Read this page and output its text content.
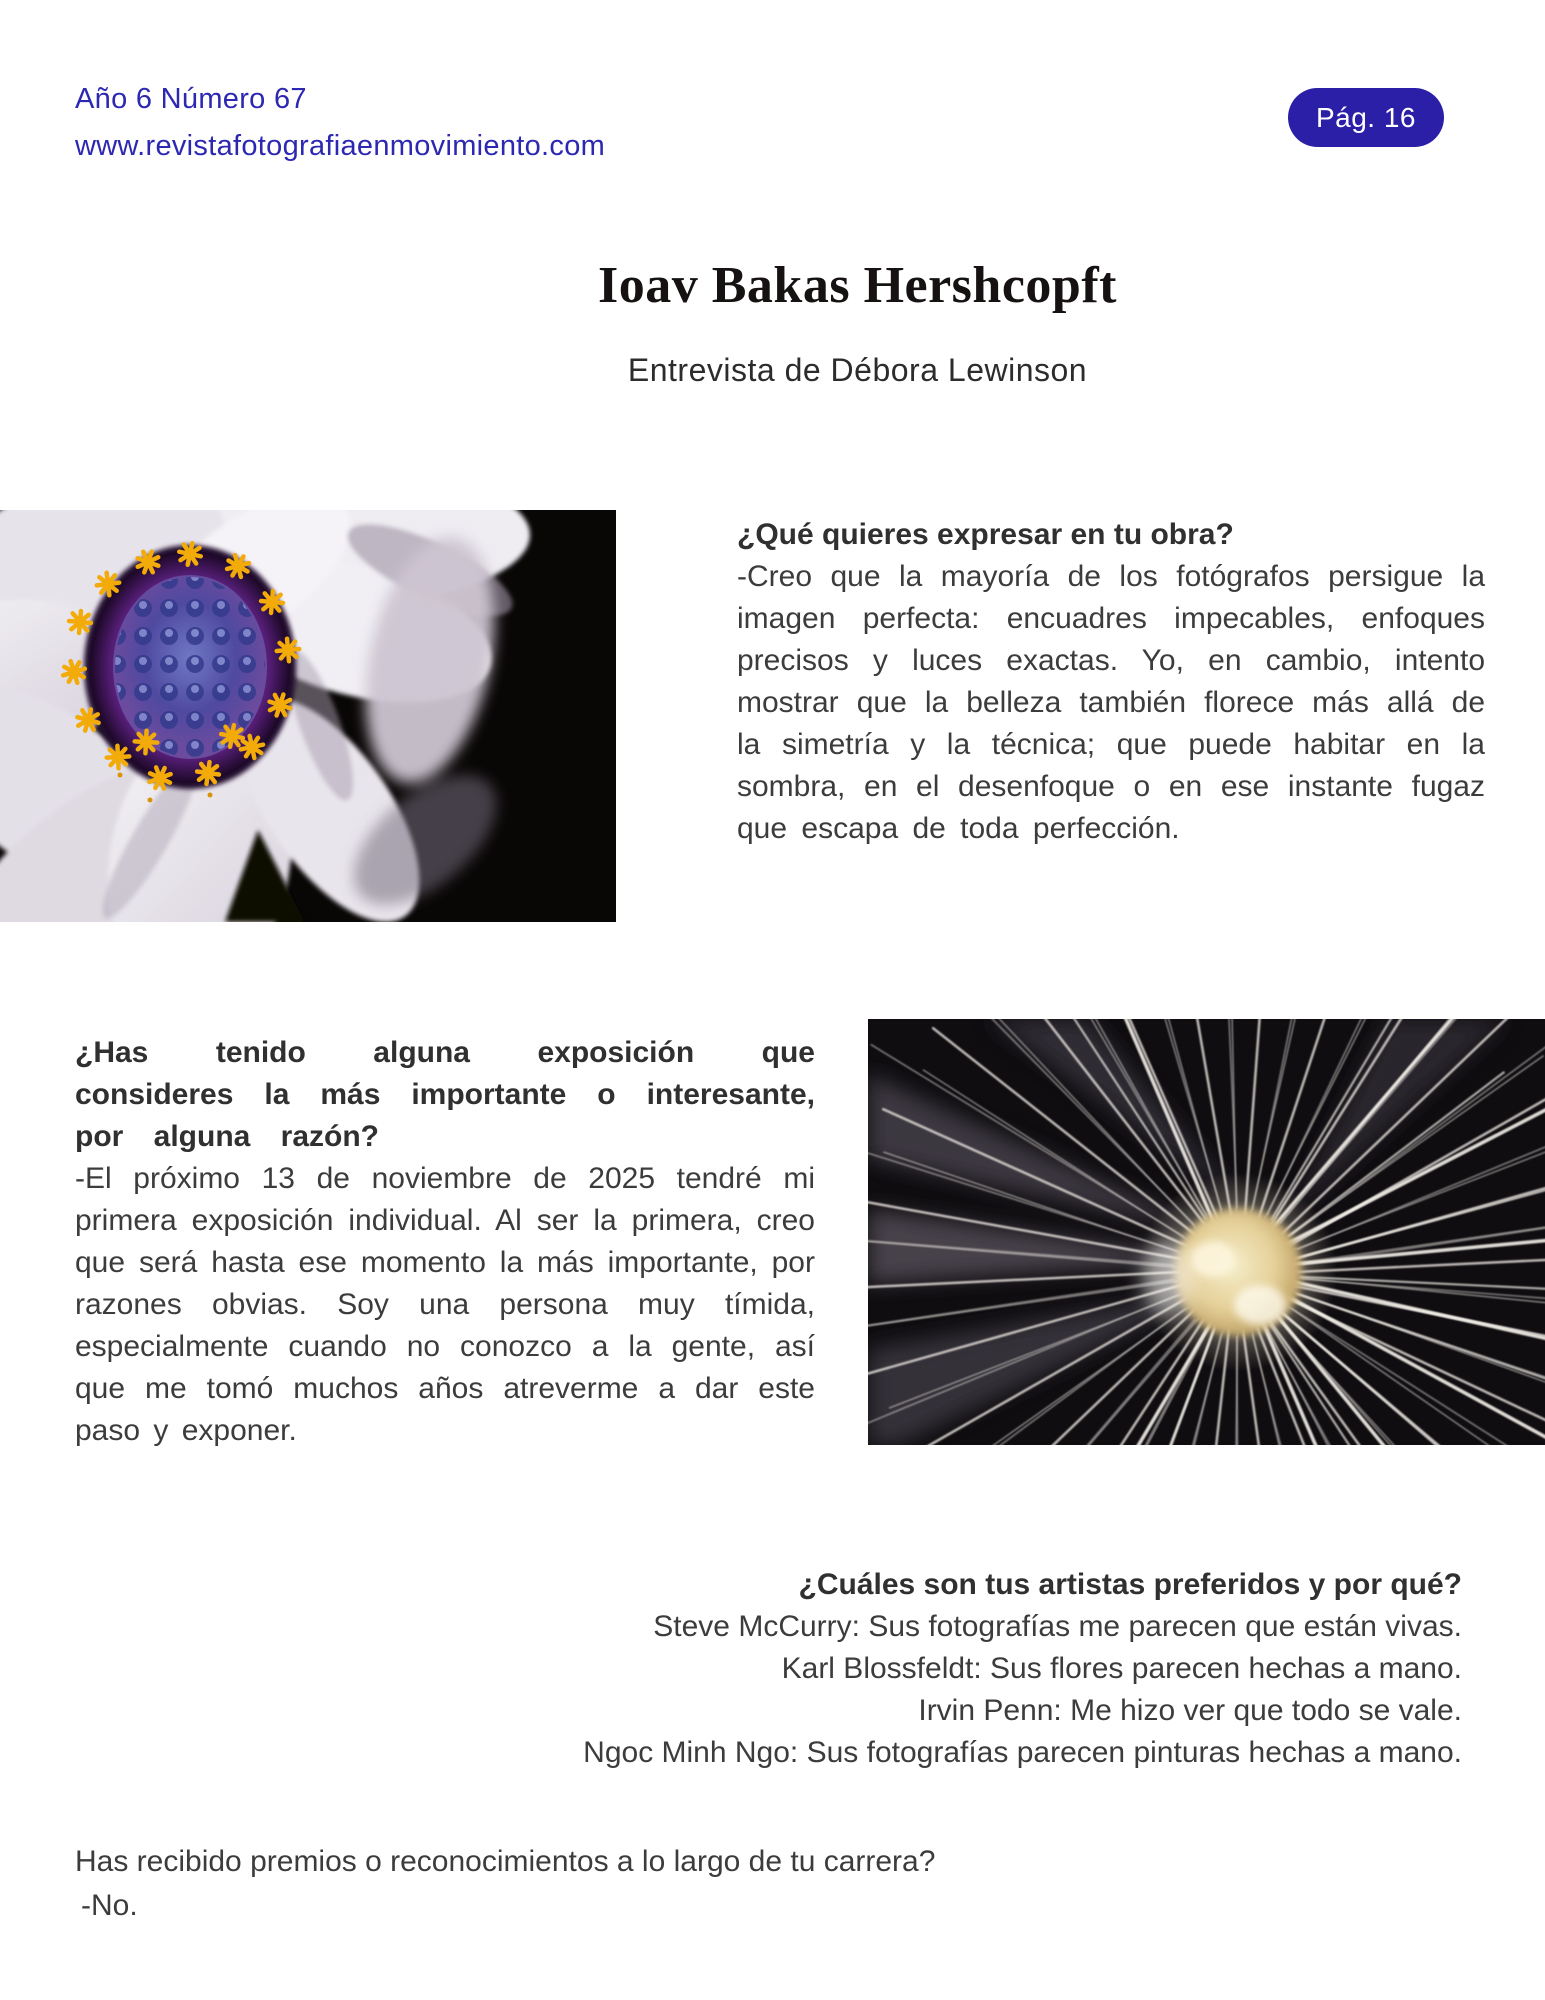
Año 6 Número 67
www.revistafotografiaenmovimiento.com
Pág. 16
Ioav Bakas Hershcopft
Entrevista de Débora Lewinson
¿Qué quieres expresar en tu obra?
-Creo que la mayoría de los fotógrafos persigue la imagen perfecta: encuadres impecables, enfoques precisos y luces exactas. Yo, en cambio, intento mostrar que la belleza también florece más allá de la simetría y la técnica; que puede habitar en la sombra, en el desenfoque o en ese instante fugaz que escapa de toda perfección.
¿Has tenido alguna exposición que consideres la más importante o interesante, por alguna razón?
-El próximo 13 de noviembre de 2025 tendré mi primera exposición individual. Al ser la primera, creo que será hasta ese momento la más importante, por razones obvias. Soy una persona muy tímida, especialmente cuando no conozco a la gente, así que me tomó muchos años atreverme a dar este paso y exponer.
¿Cuáles son tus artistas preferidos y por qué?
Steve McCurry: Sus fotografías me parecen que están vivas.
Karl Blossfeldt: Sus flores parecen hechas a mano.
Irvin Penn: Me hizo ver que todo se vale.
Ngoc Minh Ngo: Sus fotografías parecen pinturas hechas a mano.
Has recibido premios o reconocimientos a lo largo de tu carrera?
-No.
